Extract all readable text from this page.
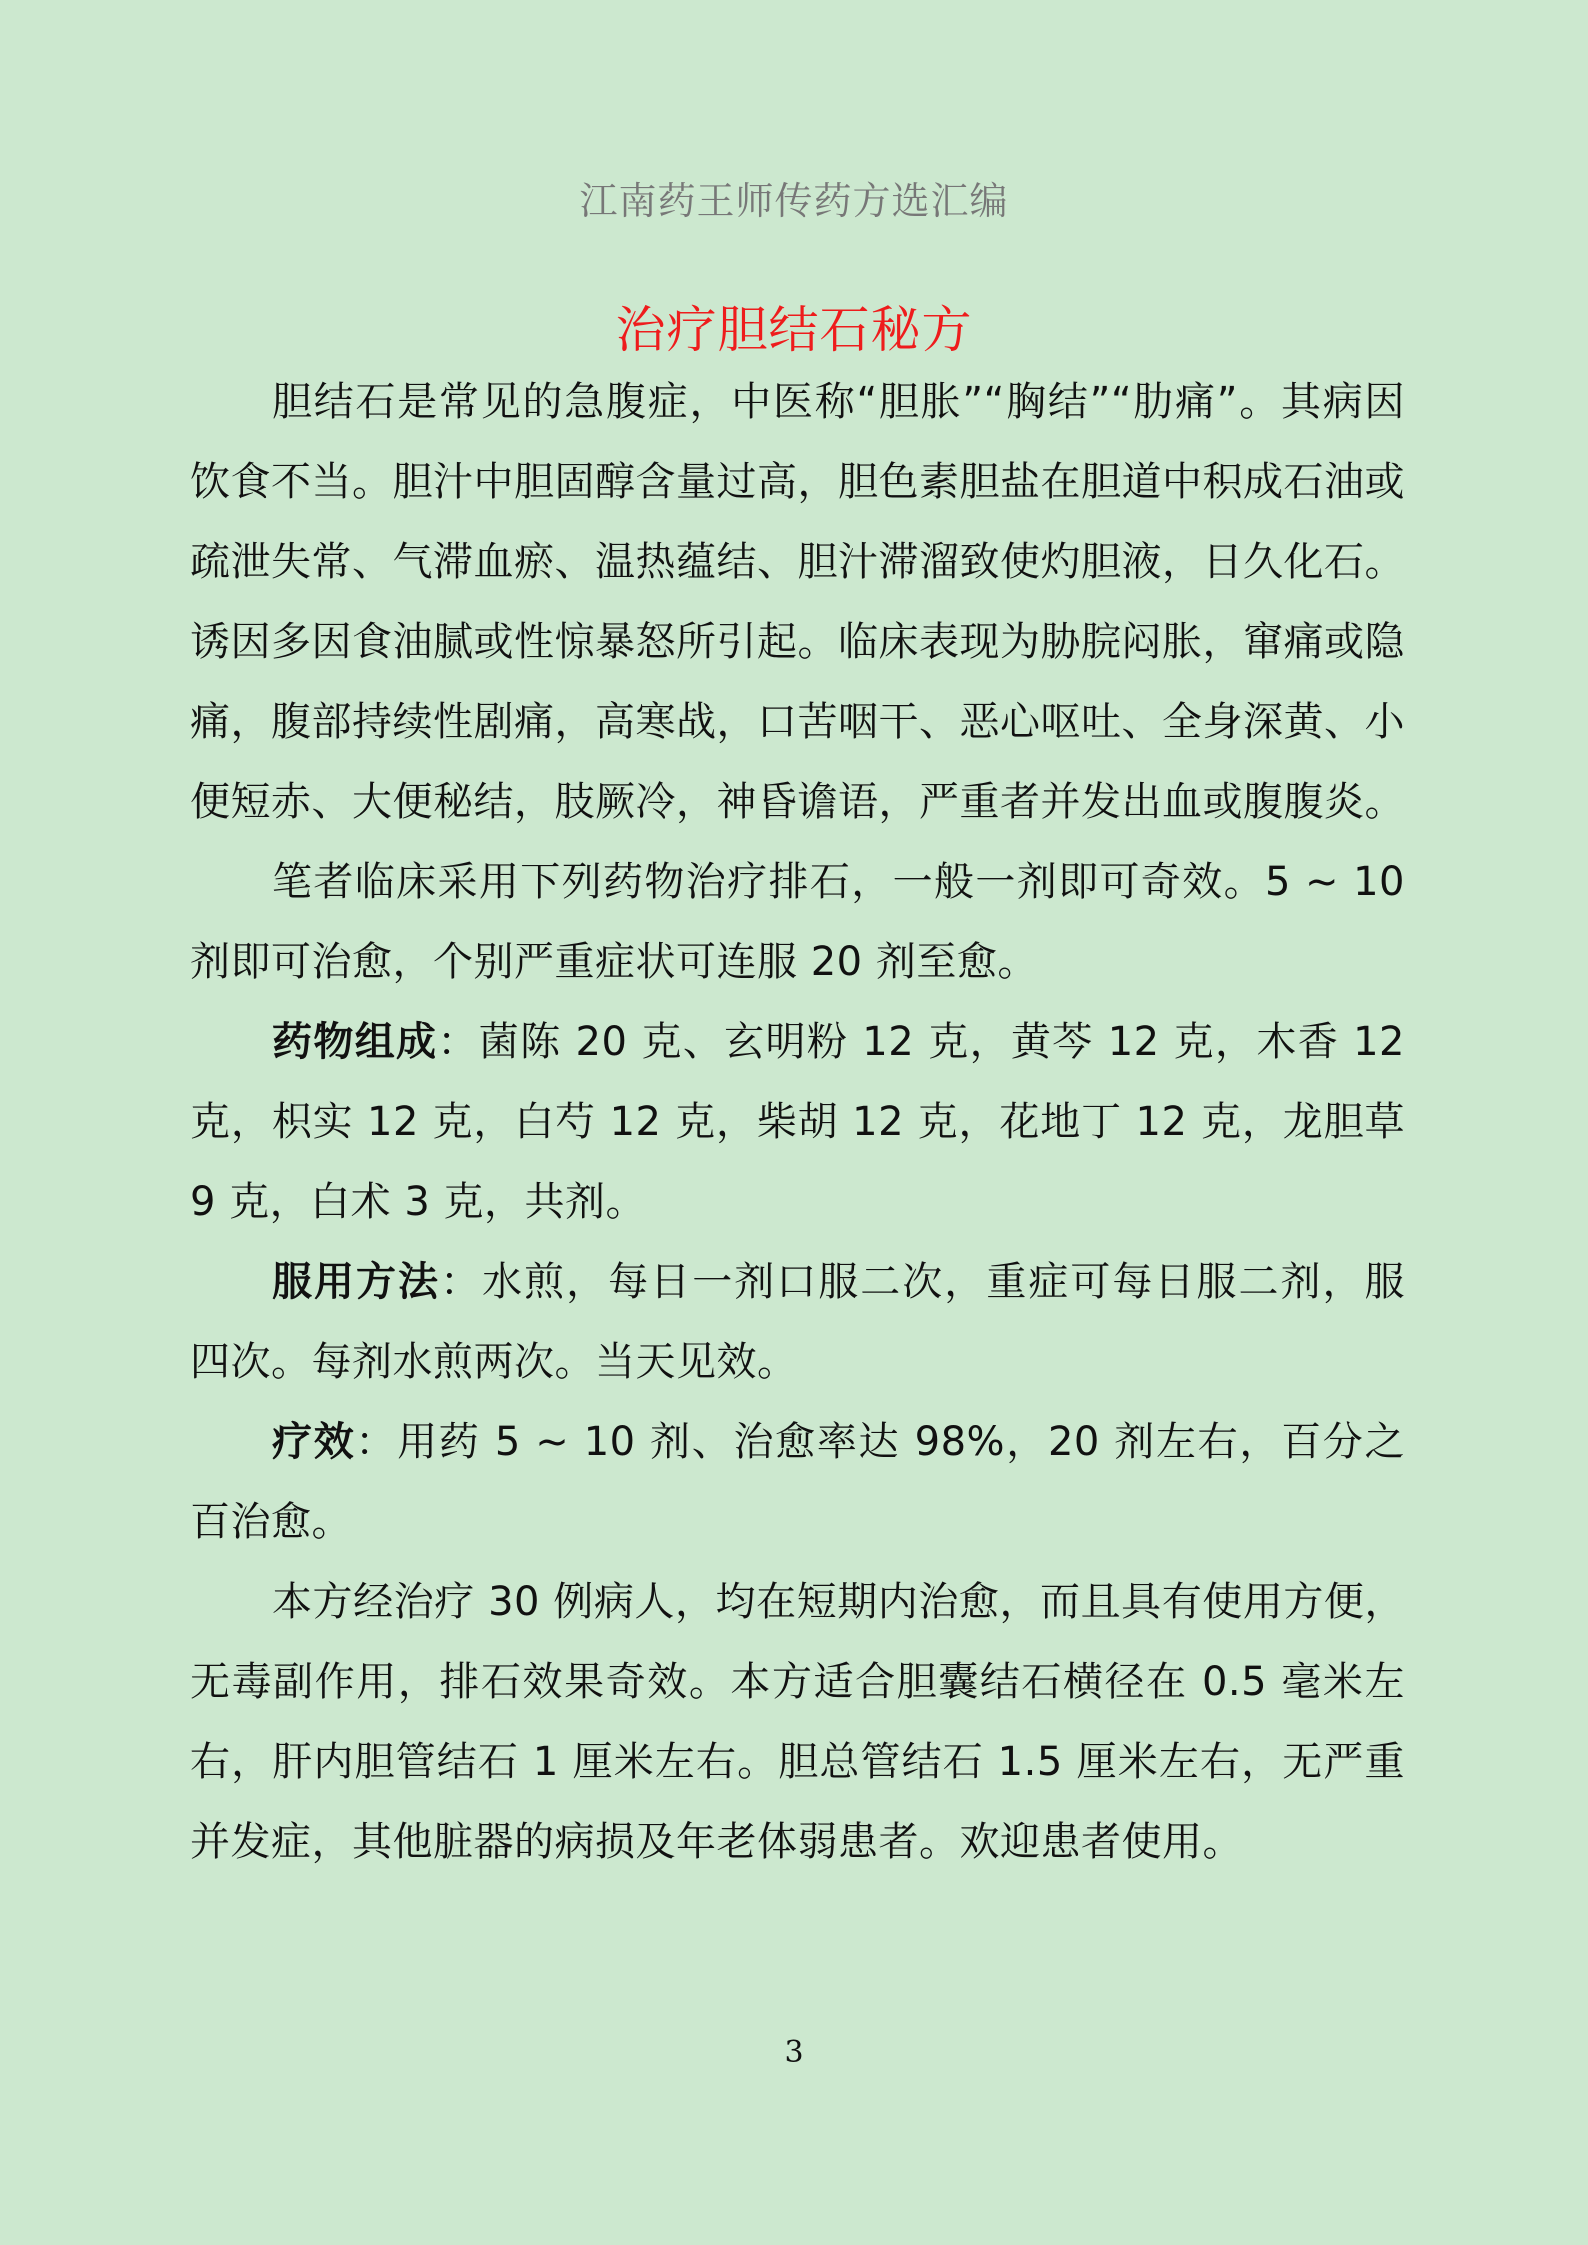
江南药王师传药方选汇编
治疗胆结石秘方

胆结石是常见的急腹症，中医称“胆胀”“胸结”“肋痛”。其病因饮食不当。胆汁中胆固醇含量过高，胆色素胆盐在胆道中积成石油或疏泄失常、气滞血瘀、温热蕴结、胆汁滞溜致使灼胆液，日久化石。诱因多因食油腻或性惊暴怒所引起。临床表现为胁脘闷胀，窜痛或隐痛，腹部持续性剧痛，高寒战，口苦咽干、恶心呕吐、全身深黄、小便短赤、大便秘结，肢厥冷，神昏谵语，严重者并发出血或腹腹炎。

笔者临床采用下列药物治疗排石，一般一剂即可奇效。5 ~ 10 剂即可治愈，个别严重症状可连服 20 剂至愈。

药物组成：菌陈 20 克、玄明粉 12 克，黄芩 12 克，木香 12 克，枳实 12 克，白芍 12 克，柴胡 12 克，花地丁 12 克，龙胆草 9 克，白术 3 克，共剂。

服用方法：水煎，每日一剂口服二次，重症可每日服二剂，服四次。每剂水煎两次。当天见效。

疗效：用药 5 ~ 10 剂、治愈率达 98%，20 剂左右，百分之百治愈。

本方经治疗 30 例病人，均在短期内治愈，而且具有使用方便，无毒副作用，排石效果奇效。本方适合胆囊结石横径在 0.5 毫米左右，肝内胆管结石 1 厘米左右。胆总管结石 1.5 厘米左右，无严重并发症，其他脏器的病损及年老体弱患者。欢迎患者使用。

3
